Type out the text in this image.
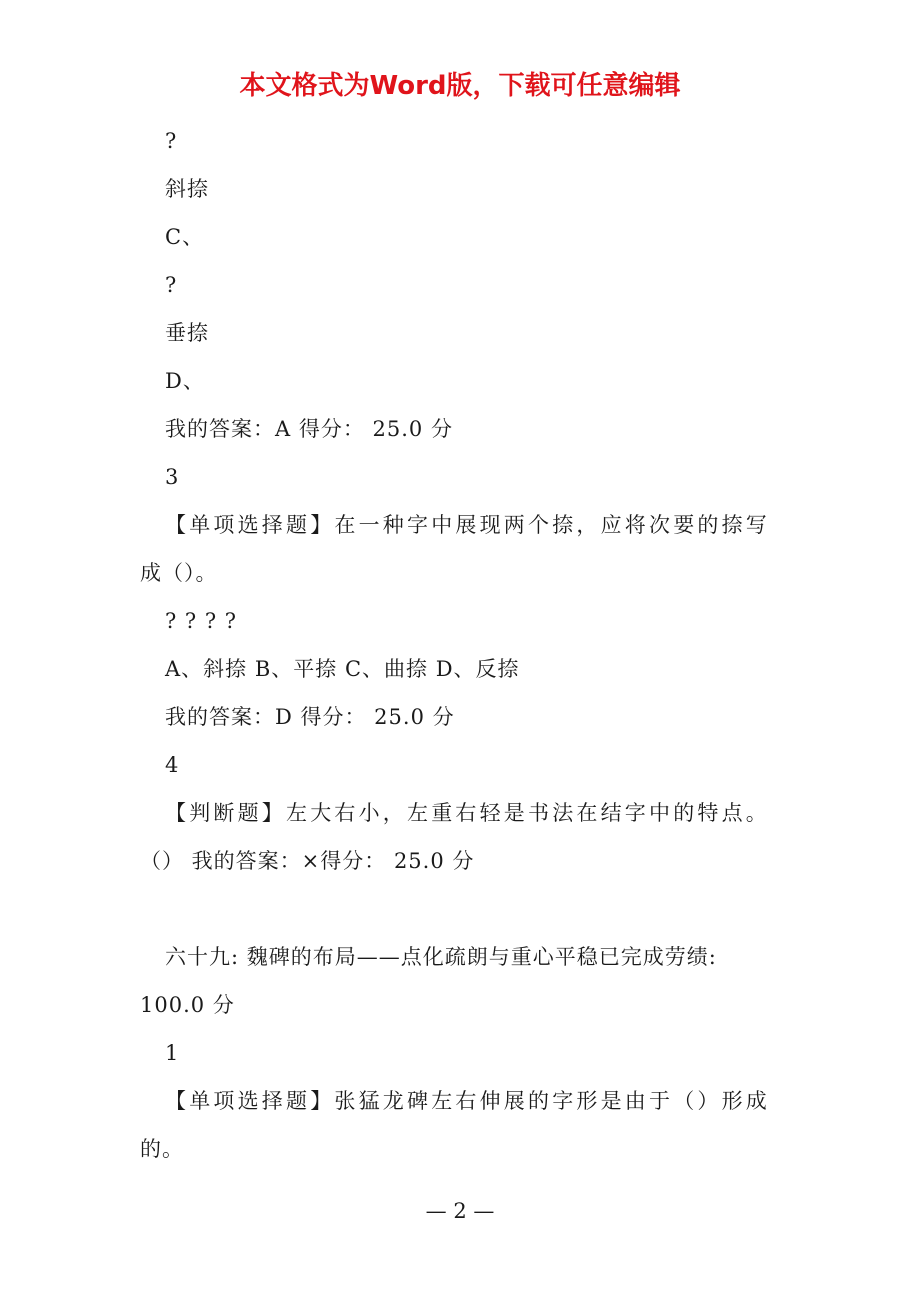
本文格式为Word版，下载可任意编辑
?
斜捺
C、
?
垂捺
D、
我的答案：A 得分： 25.0 分
3
【单项选择题】在一种字中展现两个捺，应将次要的捺写
成（）。
? ? ? ?
A、斜捺 B、平捺 C、曲捺 D、反捺
我的答案：D 得分： 25.0 分
4
【判断题】左大右小，左重右轻是书法在结字中的特点。
（） 我的答案：×得分： 25.0 分
六十九: 魏碑的布局——点化疏朗与重心平稳已完成劳绩:
100.0 分
1
【单项选择题】张猛龙碑左右伸展的字形是由于（）形成
的。
— 2 —
